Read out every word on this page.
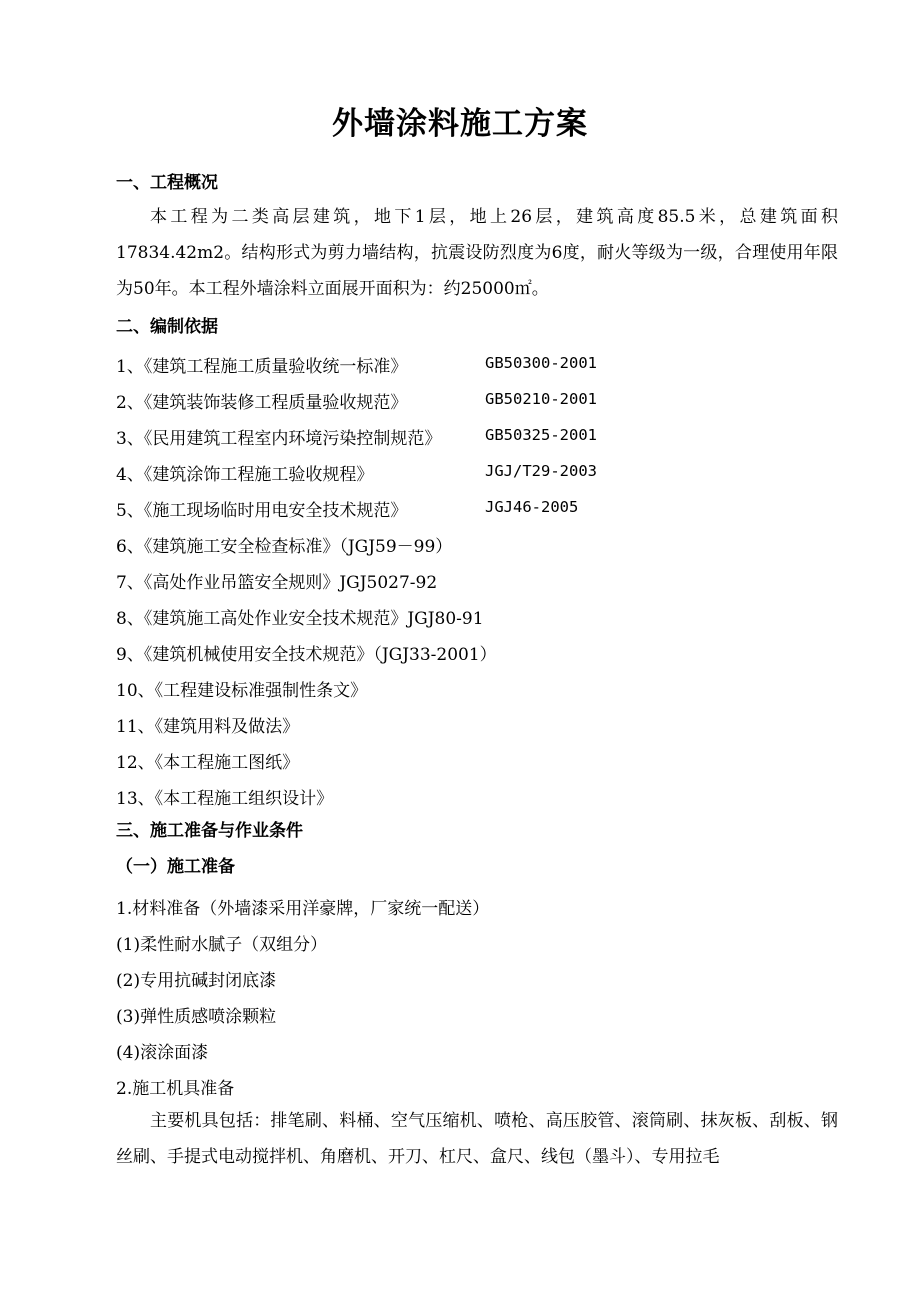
外墙涂料施工方案
一、工程概况
本工程为二类高层建筑，地下1层，地上26层，建筑高度85.5米，总建筑面积17834.42m2。结构形式为剪力墙结构，抗震设防烈度为6度，耐火等级为一级，合理使用年限为50年。本工程外墙涂料立面展开面积为：约25000㎡。
二、编制依据
1、《建筑工程施工质量验收统一标准》	GB50300-2001
2、《建筑装饰装修工程质量验收规范》	GB50210-2001
3、《民用建筑工程室内环境污染控制规范》	GB50325-2001
4、《建筑涂饰工程施工验收规程》	JGJ/T29-2003
5、《施工现场临时用电安全技术规范》	JGJ46-2005
6、《建筑施工安全检查标准》（JGJ59－99）
7、《高处作业吊篮安全规则》JGJ5027-92
8、《建筑施工高处作业安全技术规范》JGJ80-91
9、《建筑机械使用安全技术规范》（JGJ33-2001）
10、《工程建设标准强制性条文》
11、《建筑用料及做法》
12、《本工程施工图纸》
13、《本工程施工组织设计》
三、施工准备与作业条件
（一）施工准备
1.材料准备（外墙漆采用洋豪牌，厂家统一配送）
(1)柔性耐水腻子（双组分）
(2)专用抗碱封闭底漆
(3)弹性质感喷涂颗粒
(4)滚涂面漆
2.施工机具准备
主要机具包括：排笔刷、料桶、空气压缩机、喷枪、高压胶管、滚筒刷、抹灰板、刮板、钢丝刷、手提式电动搅拌机、角磨机、开刀、杠尺、盒尺、线包（墨斗）、专用拉毛
